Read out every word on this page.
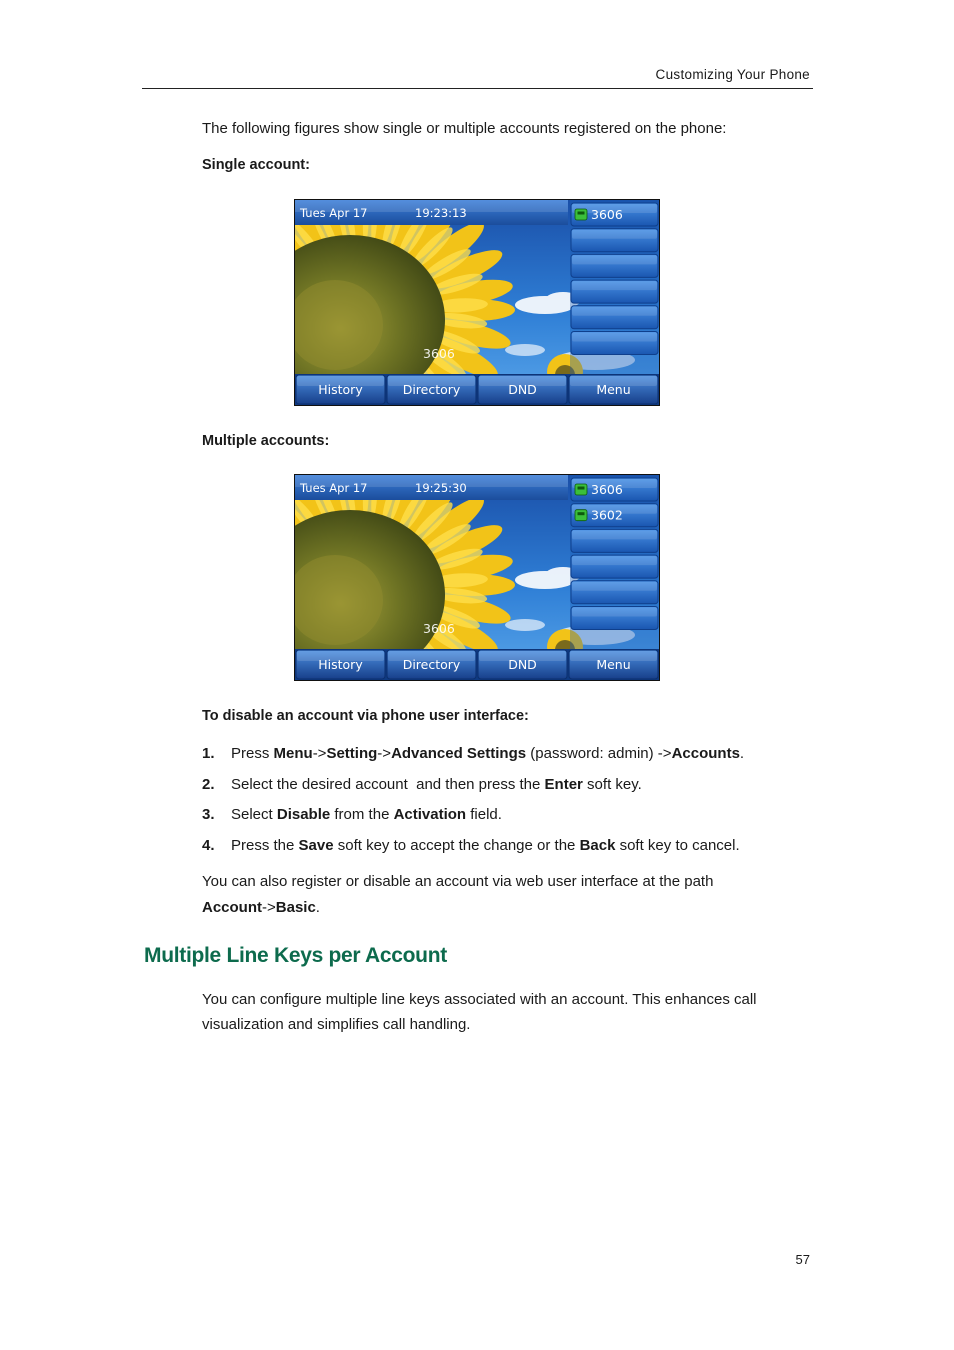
Customizing Your Phone
The following figures show single or multiple accounts registered on the phone:
Single account:
Tues Apr 17	19:23:13	3606
3606
History	Directory	DND	Menu
Multiple accounts:
Tues Apr 17	19:25:30	3606
3602
3606
History	Directory	DND	Menu
To disable an account via phone user interface:
1. Press Menu->Setting->Advanced Settings (password: admin) ->Accounts.
2. Select the desired account  and then press the Enter soft key.
3. Select Disable from the Activation field.
4. Press the Save soft key to accept the change or the Back soft key to cancel.
You can also register or disable an account via web user interface at the path
Account->Basic.
Multiple Line Keys per Account
You can configure multiple line keys associated with an account. This enhances call
visualization and simplifies call handling.
57
